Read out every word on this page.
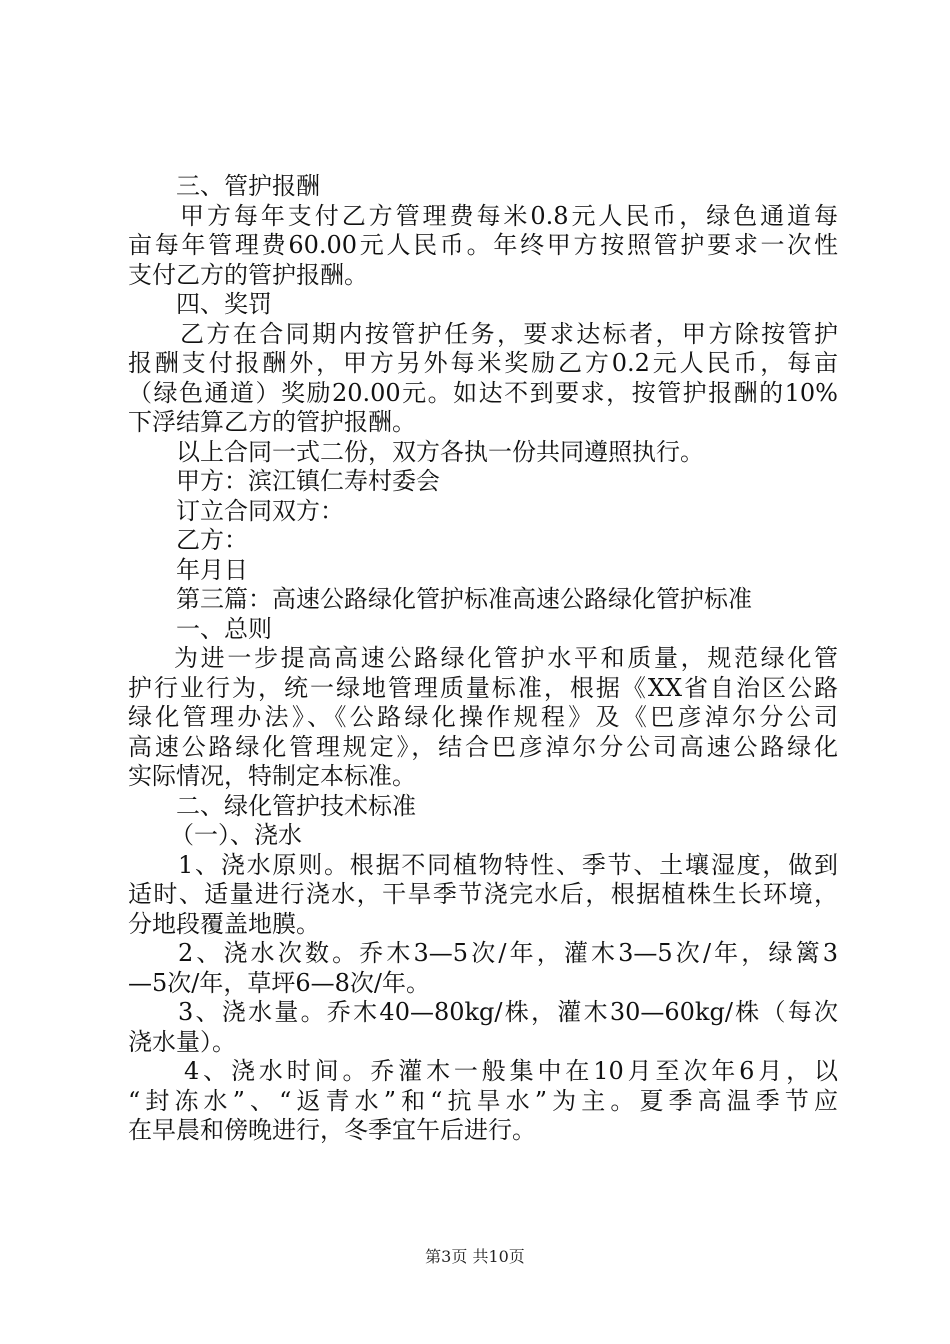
三、管护报酬
甲方每年支付乙方管理费每米0.8元人民币，绿色通道每
亩每年管理费60.00元人民币。年终甲方按照管护要求一次性
支付乙方的管护报酬。
四、奖罚
乙方在合同期内按管护任务，要求达标者，甲方除按管护
报酬支付报酬外，甲方另外每米奖励乙方0.2元人民币，每亩
（绿色通道）奖励20.00元。如达不到要求，按管护报酬的10%
下浮结算乙方的管护报酬。
以上合同一式二份，双方各执一份共同遵照执行。
甲方：滨江镇仁寿村委会
订立合同双方：
乙方：
年月日
第三篇：高速公路绿化管护标准高速公路绿化管护标准
一、总则
为进一步提高高速公路绿化管护水平和质量，规范绿化管
护行业行为，统一绿地管理质量标准，根据《XX省自治区公路
绿化管理办法》、《公路绿化操作规程》及《巴彦淖尔分公司
高速公路绿化管理规定》，结合巴彦淖尔分公司高速公路绿化
实际情况，特制定本标准。
二、绿化管护技术标准
（一）、浇水
1、浇水原则。根据不同植物特性、季节、土壤湿度，做到
适时、适量进行浇水，干旱季节浇完水后，根据植株生长环境，
分地段覆盖地膜。
2、浇水次数。乔木3—5次/年，灌木3—5次/年，绿篱3
—5次/年，草坪6—8次/年。
3、浇水量。乔木40—80kg/株，灌木30—60kg/株（每次
浇水量）。
4、浇水时间。乔灌木一般集中在10月至次年6月，以
“封冻水”、“返青水”和“抗旱水”为主。夏季高温季节应
在早晨和傍晚进行，冬季宜午后进行。
第3页 共10页
